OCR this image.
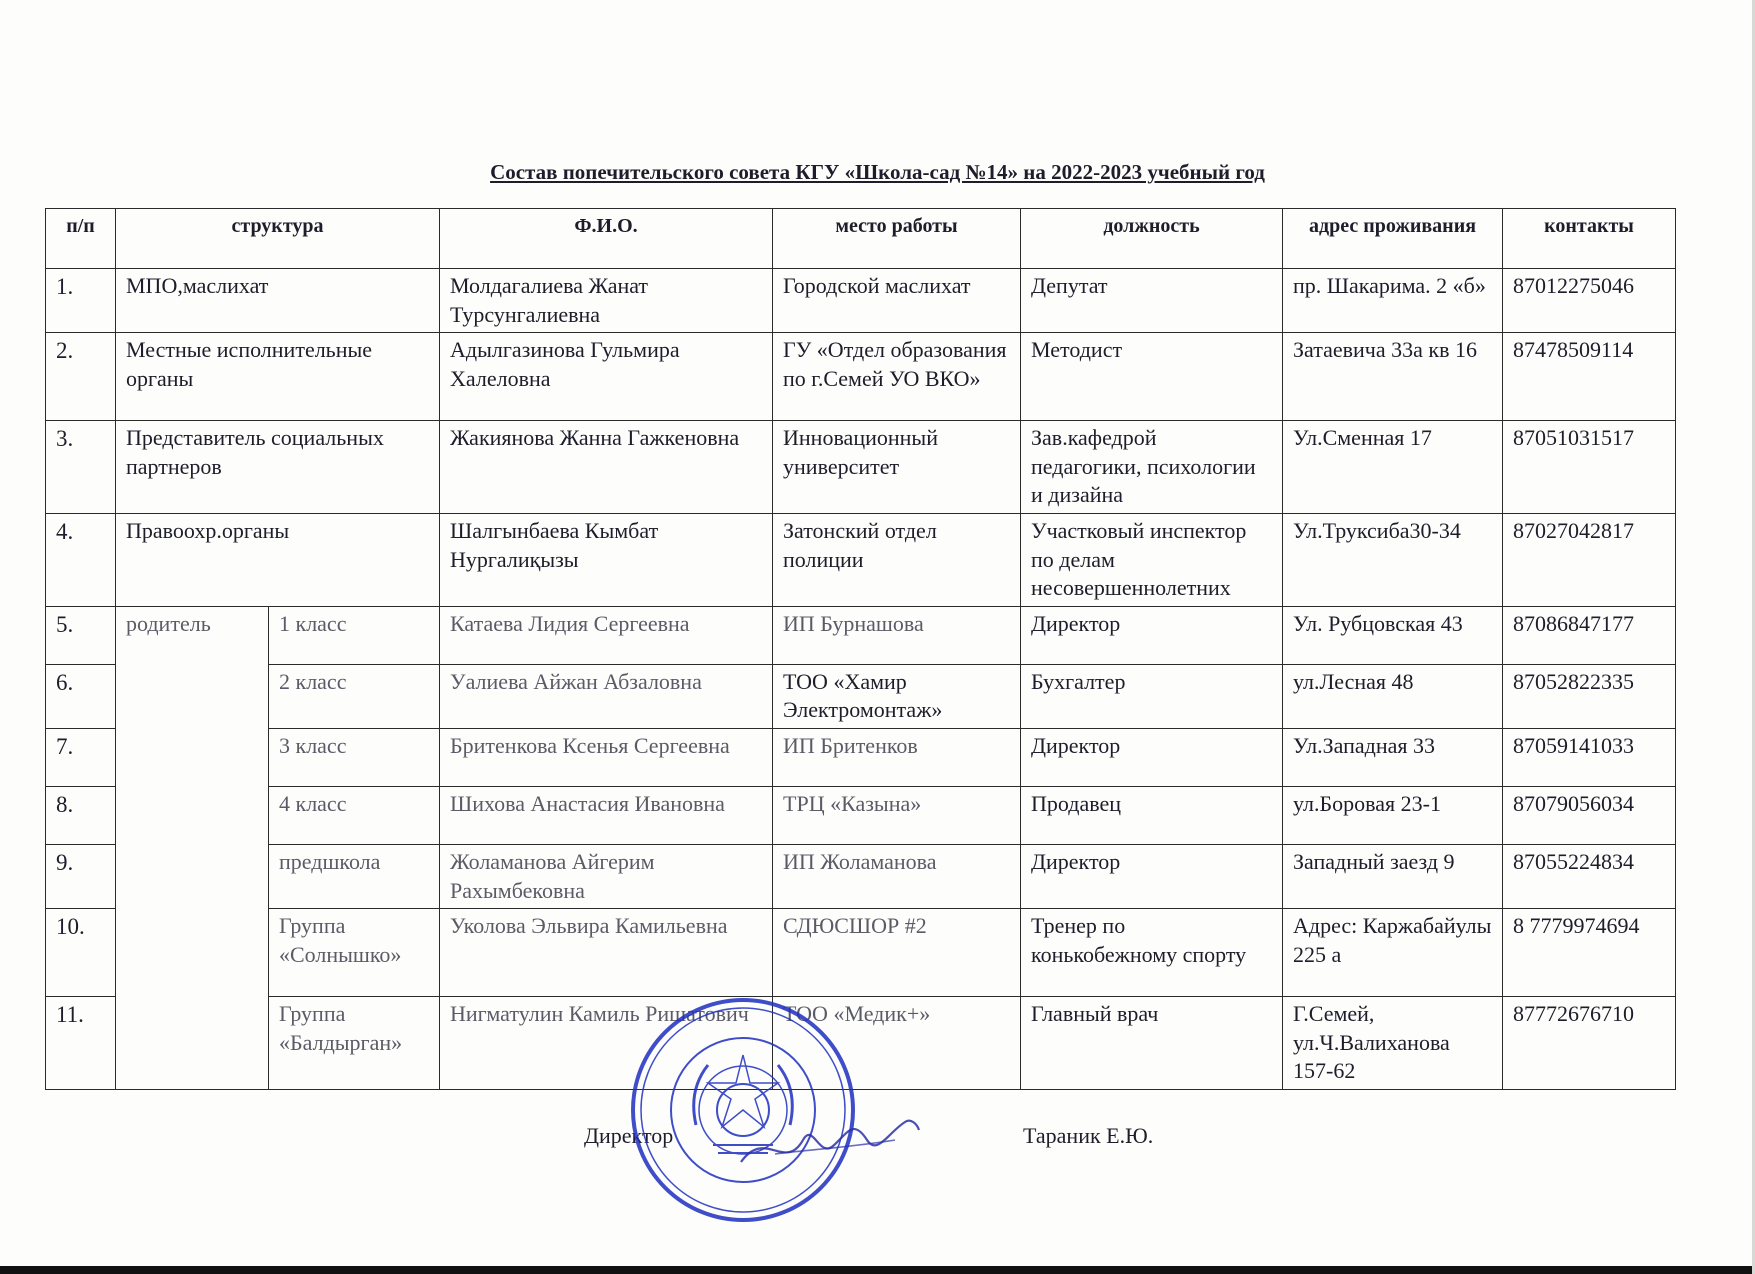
Состав попечительского совета КГУ «Школа-сад №14» на 2022-2023 учебный год
п/п	структура		Ф.И.О.	место работы	должность	адрес проживания	контакты
1.	МПО,маслихат		Молдагалиева Жанат Турсунгалиевна	Городской маслихат	Депутат	пр. Шакарима. 2 «б»	87012275046
2.	Местные исполнительные органы		Адылгазинова Гульмира Халеловна	ГУ «Отдел образования по г.Семей УО ВКО»	Методист	Затаевича 33а кв 16	87478509114
3.	Представитель социальных партнеров		Жакиянова Жанна Гажкеновна	Инновационный университет	Зав.кафедрой педагогики, психологии и дизайна	Ул.Сменная 17	87051031517
4.	Правоохр.органы		Шалгынбаева Кымбат Нургалиқызы	Затонский отдел полиции	Участковый инспектор по делам несовершеннолетних	Ул.Труксиба30-34	87027042817
5.	родитель	1 класс	Катаева Лидия Сергеевна	ИП Бурнашова	Директор	Ул. Рубцовская 43	87086847177
6.		2 класс	Уалиева Айжан Абзаловна	ТОО «Хамир Электромонтаж»	Бухгалтер	ул.Лесная 48	87052822335
7.		3 класс	Бритенкова Ксенья Сергеевна	ИП Бритенков	Директор	Ул.Западная 33	87059141033
8.		4 класс	Шихова Анастасия Ивановна	ТРЦ «Казына»	Продавец	ул.Боровая 23-1	87079056034
9.		предшкола	Жоламанова Айгерим Рахымбековна	ИП Жоламанова	Директор	Западный заезд 9	87055224834
10.		Группа «Солнышко»	Уколова Эльвира Камильевна	СДЮСШОР #2	Тренер по конькобежному спорту	Адрес: Каржабайулы 225 а	8 7779974694
11.		Группа «Балдырган»	Нигматулин Камиль Ришатович	ТОО «Медик+»	Главный врач	Г.Семей, ул.Ч.Валиханова 157-62	87772676710
Директор	Тараник Е.Ю.
